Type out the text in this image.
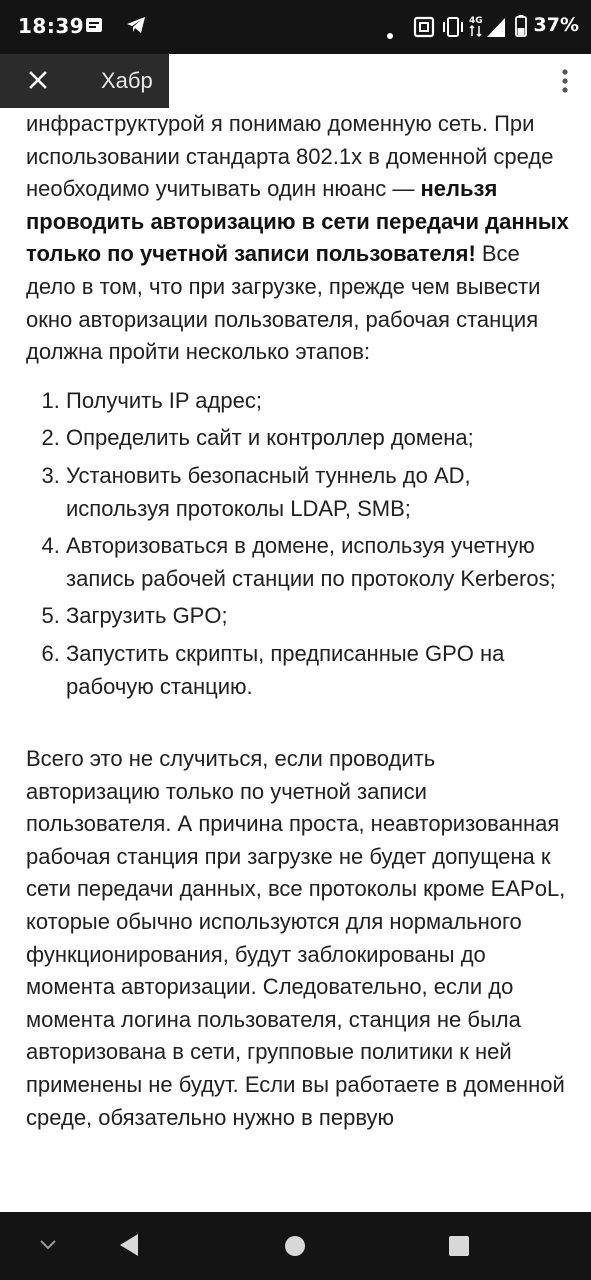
18:39	4G	37%
Хабр

инфраструктурой я понимаю доменную сеть. При использовании стандарта 802.1x в доменной среде необходимо учитывать один нюанс — нельзя проводить авторизацию в сети передачи данных только по учетной записи пользователя! Все дело в том, что при загрузке, прежде чем вывести окно авторизации пользователя, рабочая станция должна пройти несколько этапов:

1. Получить IP адрес;
2. Определить сайт и контроллер домена;
3. Установить безопасный туннель до AD, используя протоколы LDAP, SMB;
4. Авторизоваться в домене, используя учетную запись рабочей станции по протоколу Kerberos;
5. Загрузить GPO;
6. Запустить скрипты, предписанные GPO на рабочую станцию.

Всего это не случиться, если проводить авторизацию только по учетной записи пользователя. А причина проста, неавторизованная рабочая станция при загрузке не будет допущена к сети передачи данных, все протоколы кроме EAPoL, которые обычно используются для нормального функционирования, будут заблокированы до момента авторизации. Следовательно, если до момента логина пользователя, станция не была авторизована в сети, групповые политики к ней применены не будут. Если вы работаете в доменной среде, обязательно нужно в первую
